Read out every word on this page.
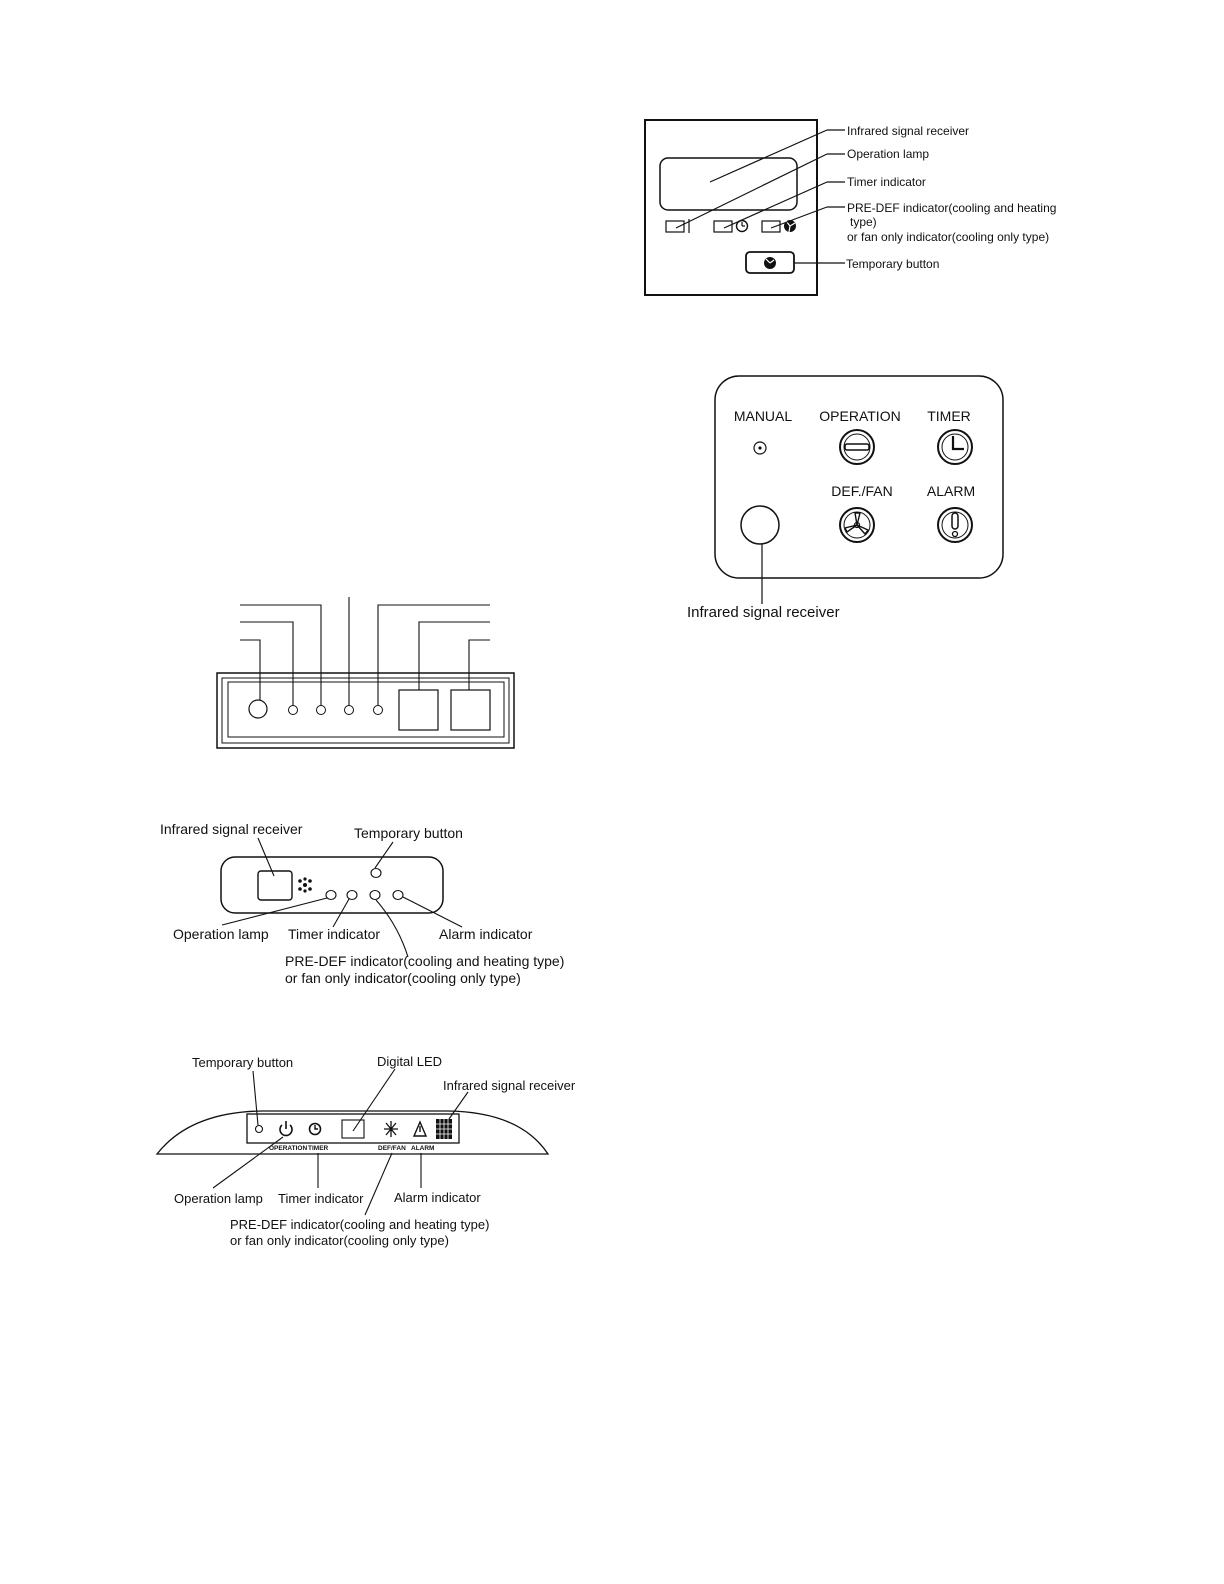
Infrared signal receiver
Operation lamp
Timer indicator
PRE-DEF indicator(cooling and heating
type)
or fan only indicator(cooling only type)
Temporary button
MANUAL OPERATION TIMER
DEF./FAN ALARM
Infrared signal receiver
Infrared signal receiver	Temporary button
Operation lamp Timer indicator	Alarm indicator
PRE-DEF indicator(cooling and heating type)
or fan only indicator(cooling only type)
OPERATION TIMER	DEF/FAN ALARM
Temporary button	Digital LED
Infrared signal receiver
Operation lamp Timer indicator Alarm indicator
PRE-DEF indicator(cooling and heating type)
or fan only indicator(cooling only type)
